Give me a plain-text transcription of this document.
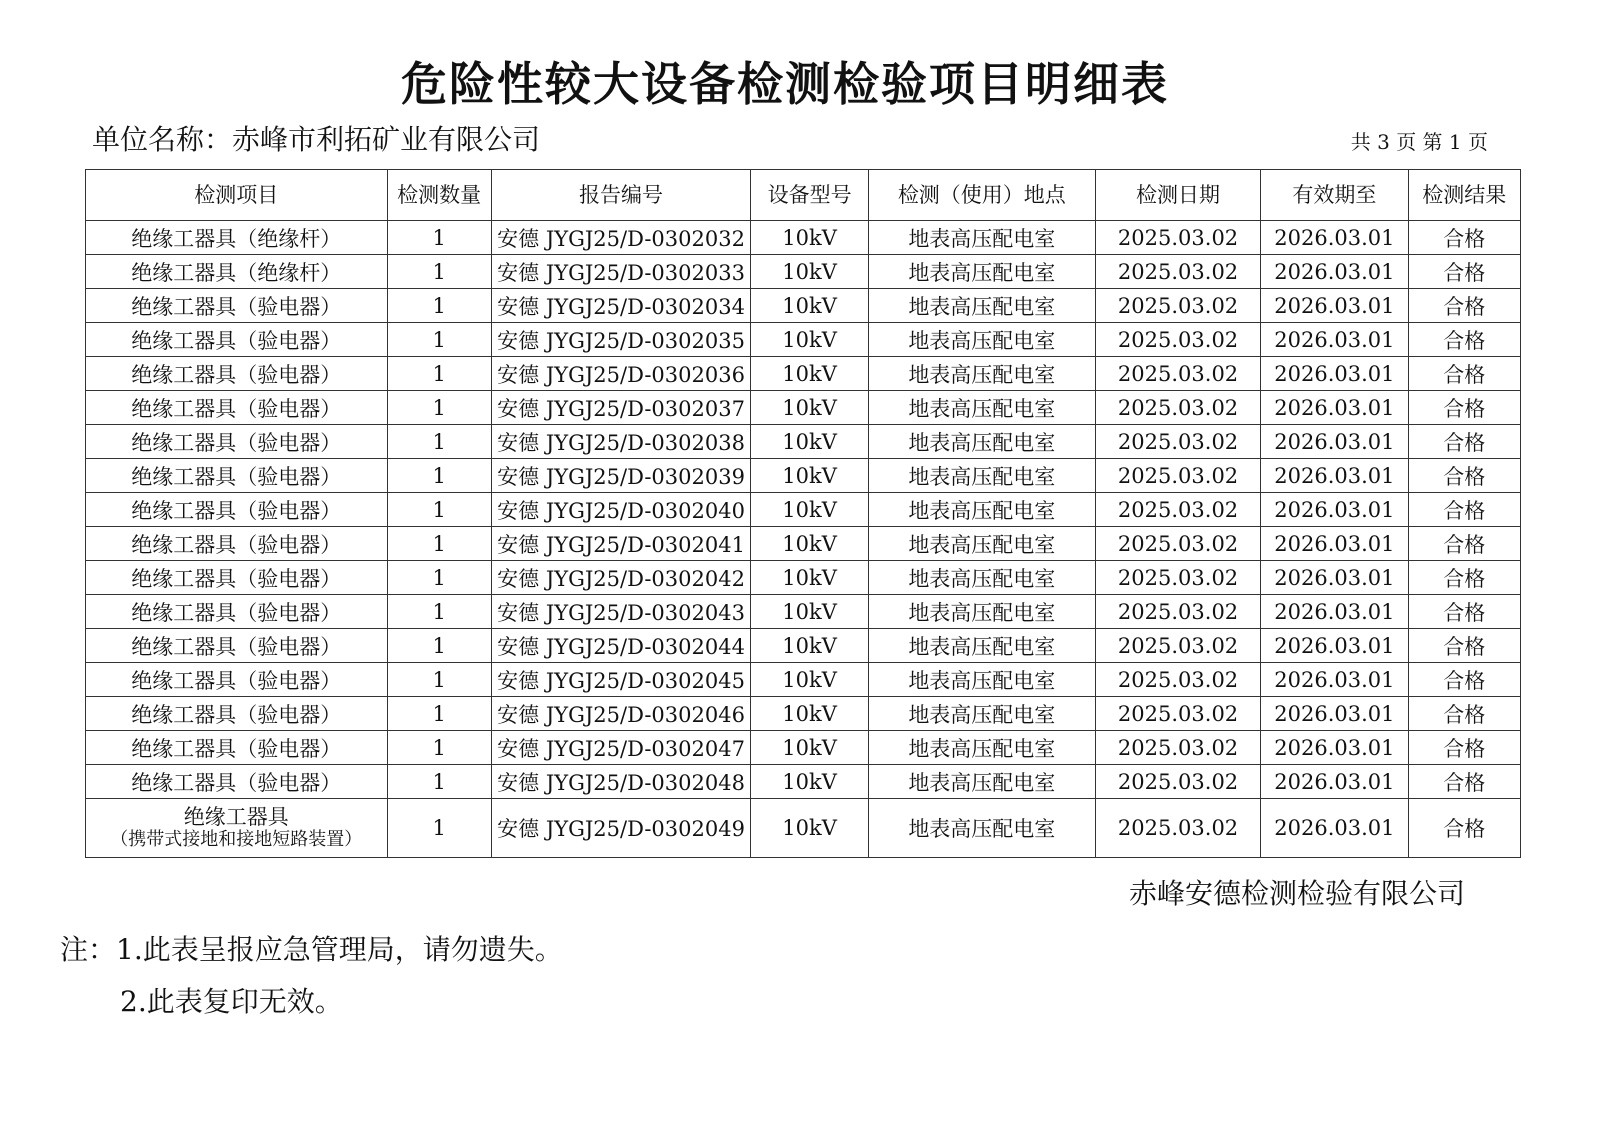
危险性较大设备检测检验项目明细表
单位名称：赤峰市利拓矿业有限公司	共 3 页 第 1 页
检测项目	检测数量	报告编号	设备型号	检测（使用）地点	检测日期	有效期至	检测结果
绝缘工器具（绝缘杆）	1	安德 JYGJ25/D-0302032	10kV	地表高压配电室	2025.03.02	2026.03.01	合格
绝缘工器具（绝缘杆）	1	安德 JYGJ25/D-0302033	10kV	地表高压配电室	2025.03.02	2026.03.01	合格
绝缘工器具（验电器）	1	安德 JYGJ25/D-0302034	10kV	地表高压配电室	2025.03.02	2026.03.01	合格
绝缘工器具（验电器）	1	安德 JYGJ25/D-0302035	10kV	地表高压配电室	2025.03.02	2026.03.01	合格
绝缘工器具（验电器）	1	安德 JYGJ25/D-0302036	10kV	地表高压配电室	2025.03.02	2026.03.01	合格
绝缘工器具（验电器）	1	安德 JYGJ25/D-0302037	10kV	地表高压配电室	2025.03.02	2026.03.01	合格
绝缘工器具（验电器）	1	安德 JYGJ25/D-0302038	10kV	地表高压配电室	2025.03.02	2026.03.01	合格
绝缘工器具（验电器）	1	安德 JYGJ25/D-0302039	10kV	地表高压配电室	2025.03.02	2026.03.01	合格
绝缘工器具（验电器）	1	安德 JYGJ25/D-0302040	10kV	地表高压配电室	2025.03.02	2026.03.01	合格
绝缘工器具（验电器）	1	安德 JYGJ25/D-0302041	10kV	地表高压配电室	2025.03.02	2026.03.01	合格
绝缘工器具（验电器）	1	安德 JYGJ25/D-0302042	10kV	地表高压配电室	2025.03.02	2026.03.01	合格
绝缘工器具（验电器）	1	安德 JYGJ25/D-0302043	10kV	地表高压配电室	2025.03.02	2026.03.01	合格
绝缘工器具（验电器）	1	安德 JYGJ25/D-0302044	10kV	地表高压配电室	2025.03.02	2026.03.01	合格
绝缘工器具（验电器）	1	安德 JYGJ25/D-0302045	10kV	地表高压配电室	2025.03.02	2026.03.01	合格
绝缘工器具（验电器）	1	安德 JYGJ25/D-0302046	10kV	地表高压配电室	2025.03.02	2026.03.01	合格
绝缘工器具（验电器）	1	安德 JYGJ25/D-0302047	10kV	地表高压配电室	2025.03.02	2026.03.01	合格
绝缘工器具（验电器）	1	安德 JYGJ25/D-0302048	10kV	地表高压配电室	2025.03.02	2026.03.01	合格

绝缘工器具
（携带式接地和接地短路装置）	1	安德 JYGJ25/D-0302049	10kV	地表高压配电室	2025.03.02	2026.03.01	合格
赤峰安德检测检验有限公司
注：1.此表呈报应急管理局，请勿遗失。
2.此表复印无效。
